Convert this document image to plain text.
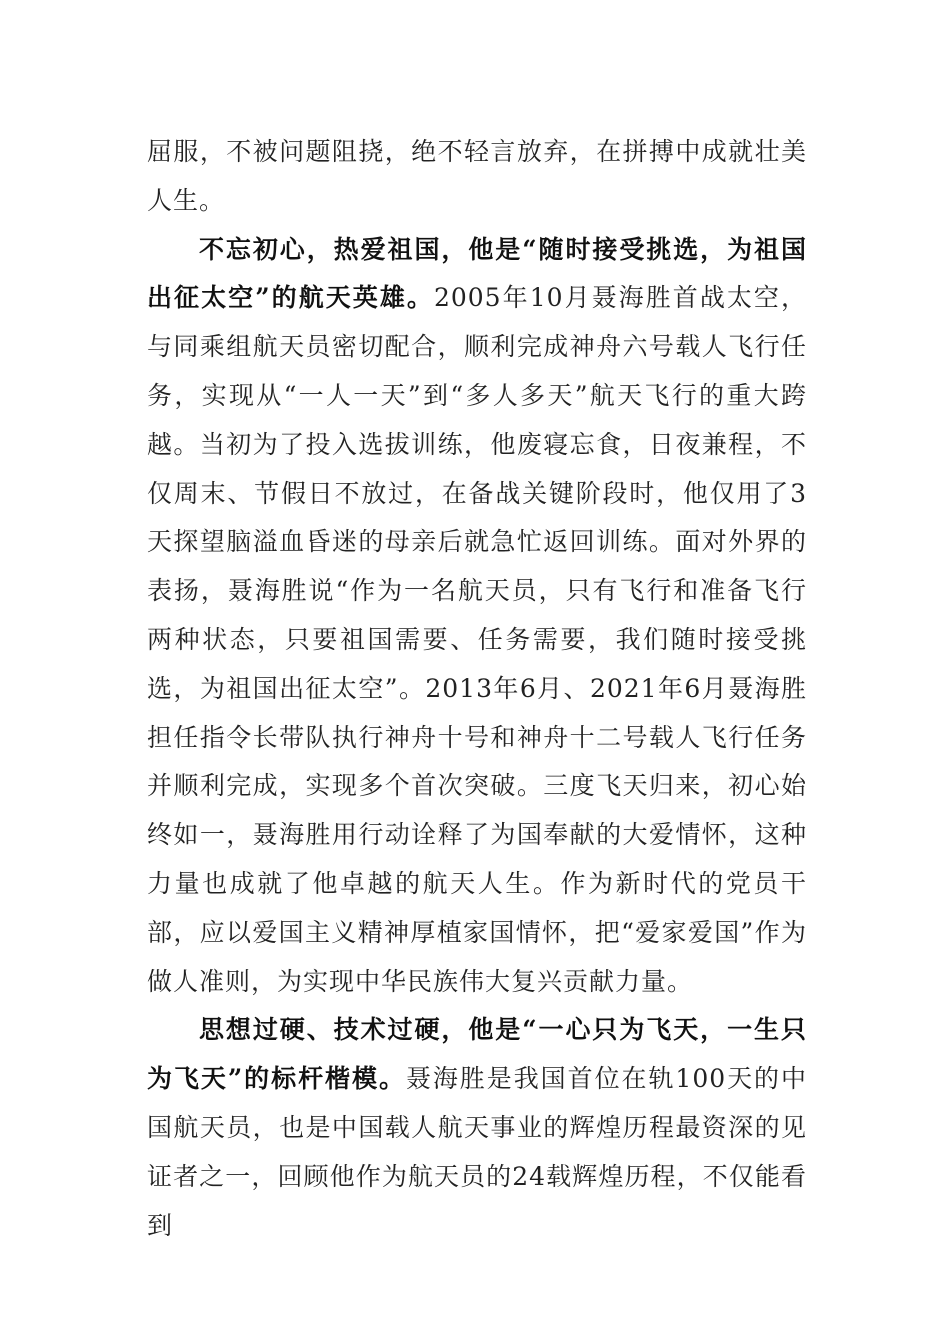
屈服，不被问题阻挠，绝不轻言放弃，在拼搏中成就壮美人生。

不忘初心，热爱祖国，他是“随时接受挑选，为祖国出征太空”的航天英雄。2005年10月聂海胜首战太空，与同乘组航天员密切配合，顺利完成神舟六号载人飞行任务，实现从“一人一天”到“多人多天”航天飞行的重大跨越。当初为了投入选拔训练，他废寝忘食，日夜兼程，不仅周末、节假日不放过，在备战关键阶段时，他仅用了3天探望脑溢血昏迷的母亲后就急忙返回训练。面对外界的表扬，聂海胜说“作为一名航天员，只有飞行和准备飞行两种状态，只要祖国需要、任务需要，我们随时接受挑选，为祖国出征太空”。2013年6月、2021年6月聂海胜担任指令长带队执行神舟十号和神舟十二号载人飞行任务并顺利完成，实现多个首次突破。三度飞天归来，初心始终如一，聂海胜用行动诠释了为国奉献的大爱情怀，这种力量也成就了他卓越的航天人生。作为新时代的党员干部，应以爱国主义精神厚植家国情怀，把“爱家爱国”作为做人准则，为实现中华民族伟大复兴贡献力量。

思想过硬、技术过硬，他是“一心只为飞天，一生只为飞天”的标杆楷模。聂海胜是我国首位在轨100天的中国航天员，也是中国载人航天事业的辉煌历程最资深的见证者之一，回顾他作为航天员的24载辉煌历程，不仅能看到
